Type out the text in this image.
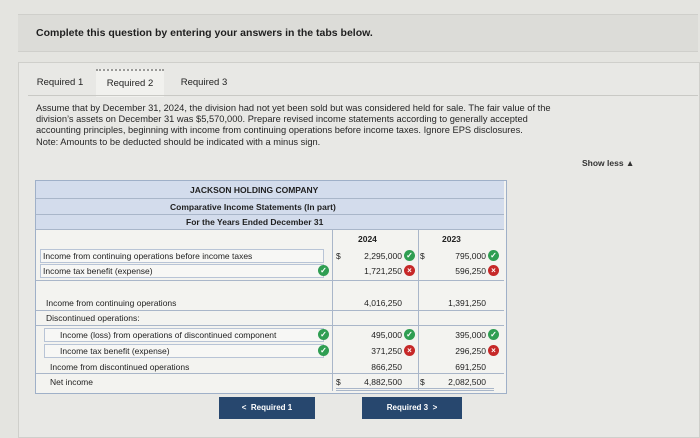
Complete this question by entering your answers in the tabs below.
Required 1	Required 2	Required 3
Assume that by December 31, 2024, the division had not yet been sold but was considered held for sale. The fair value of the
division’s assets on December 31 was $5,570,000. Prepare revised income statements according to generally accepted
accounting principles, beginning with income from continuing operations before income taxes. Ignore EPS disclosures.
Note: Amounts to be deducted should be indicated with a minus sign.
Show less ▲
JACKSON HOLDING COMPANY
Comparative Income Statements (In part)
For the Years Ended December 31
2024	2023
Income from continuing operations before income taxes	$	2,295,000 ✓ $	795,000 ✓
Income tax benefit (expense)	✓	1,721,250 ×	596,250 ×
Income from continuing operations	4,016,250	1,391,250
Discontinued operations:
Income (loss) from operations of discontinued component	✓	495,000 ✓	395,000 ✓
Income tax benefit (expense)	✓	371,250 ×	296,250 ×
Income from discontinued operations	866,250	691,250
Net income	$	4,882,500 $	2,082,500
< Required 1	Required 3 >
